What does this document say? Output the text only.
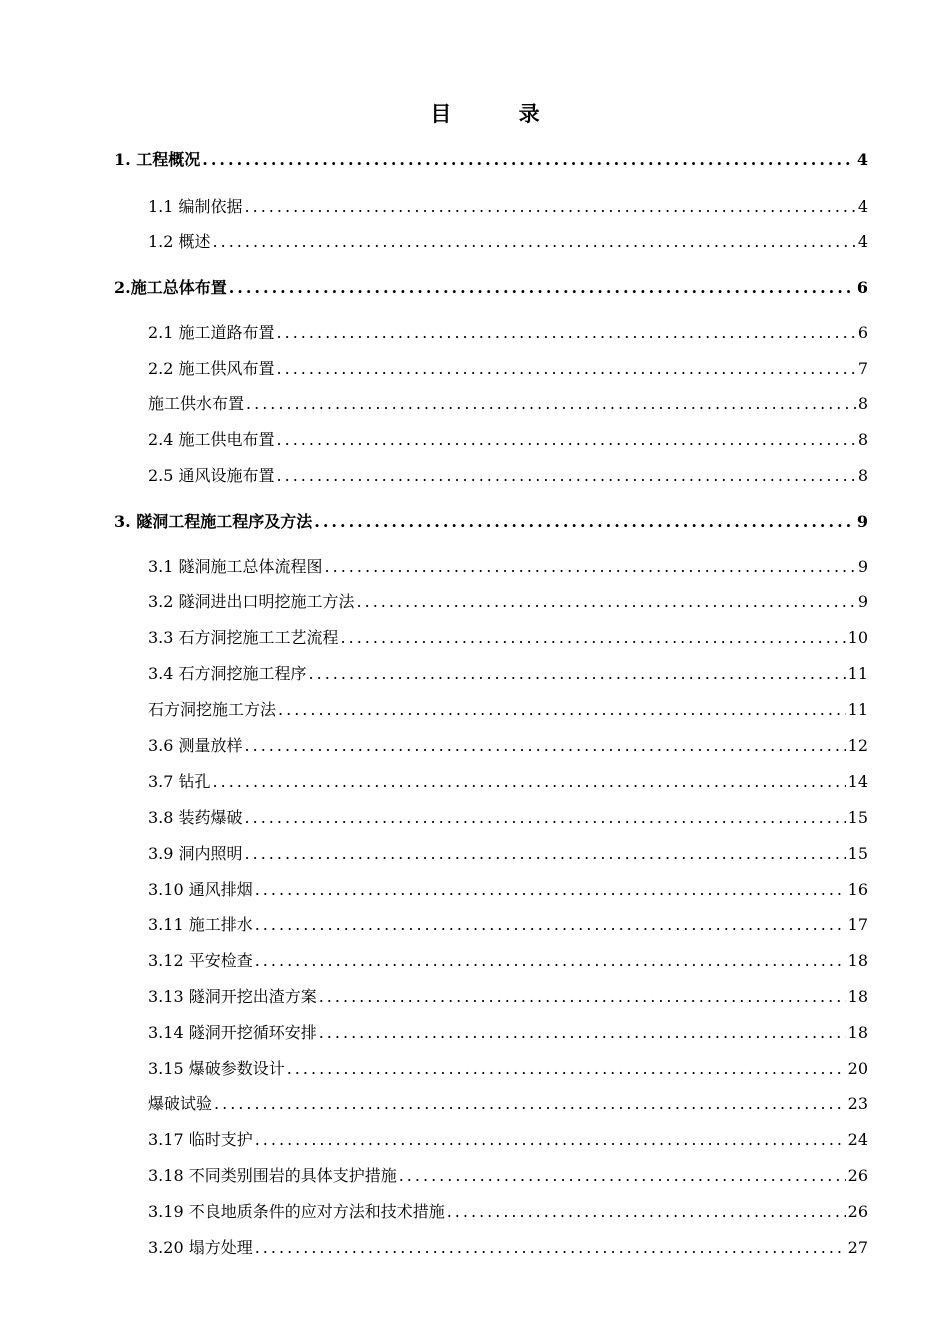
目 录
1. 工程概况 .....	4
1.1 编制依据 .....	4
1.2 概述 .....	4
2.施工总体布置 .....	6
2.1 施工道路布置 .....	6
2.2 施工供风布置 .....	7
施工供水布置 .....	8
2.4 施工供电布置 .....	8
2.5 通风设施布置 .....	8
3. 隧洞工程施工程序及方法 .....	9
3.1 隧洞施工总体流程图 .....	9
3.2 隧洞进出口明挖施工方法 .....	9
3.3 石方洞挖施工工艺流程 .....	10
3.4 石方洞挖施工程序 .....	11
石方洞挖施工方法 .....	11
3.6 测量放样 .....	12
3.7 钻孔 .....	14
3.8 装药爆破 .....	15
3.9 洞内照明 .....	15
3.10 通风排烟 .....	16
3.11 施工排水 .....	17
3.12 平安检查 .....	18
3.13 隧洞开挖出渣方案 .....	18
3.14 隧洞开挖循环安排 .....	18
3.15 爆破参数设计 .....	20
爆破试验 .....	23
3.17 临时支护 .....	24
3.18 不同类别围岩的具体支护措施 .....	26
3.19 不良地质条件的应对方法和技术措施 .....	26
3.20 塌方处理 .....	27
